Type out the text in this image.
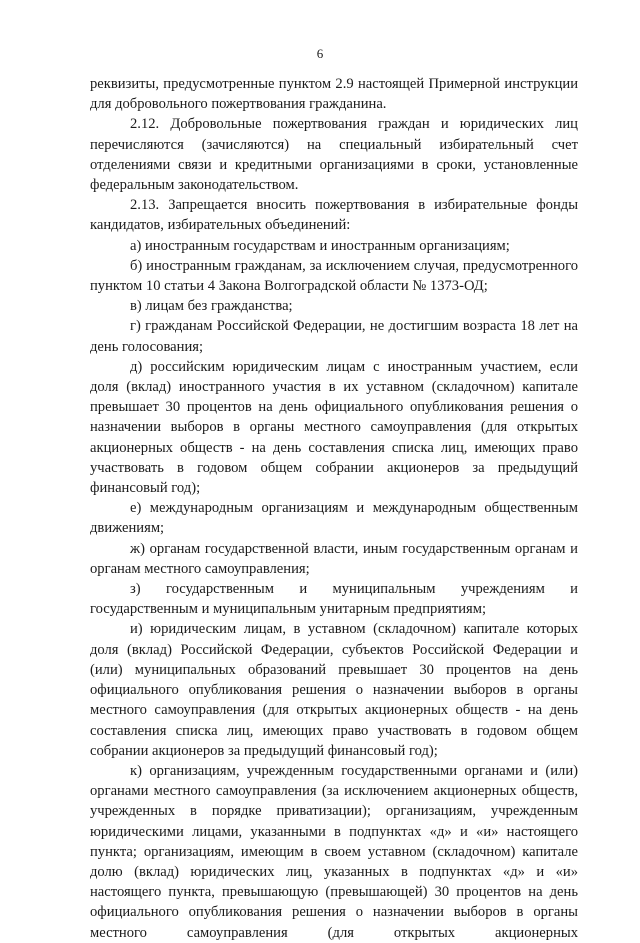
6

реквизиты, предусмотренные пунктом 2.9 настоящей Примерной инструкции для добровольного пожертвования гражданина.

2.12. Добровольные пожертвования граждан и юридических лиц перечисляются (зачисляются) на специальный избирательный счет отделениями связи и кредитными организациями в сроки, установленные федеральным законодательством.

2.13. Запрещается вносить пожертвования в избирательные фонды кандидатов, избирательных объединений:

а) иностранным государствам и иностранным организациям;

б) иностранным гражданам, за исключением случая, предусмотренного пунктом 10 статьи 4 Закона Волгоградской области № 1373-ОД;

в) лицам без гражданства;

г) гражданам Российской Федерации, не достигшим возраста 18 лет на день голосования;

д) российским юридическим лицам с иностранным участием, если доля (вклад) иностранного участия в их уставном (складочном) капитале превышает 30 процентов на день официального опубликования решения о назначении выборов в органы местного самоуправления (для открытых акционерных обществ - на день составления списка лиц, имеющих право участвовать в годовом общем собрании акционеров за предыдущий финансовый год);

е) международным организациям и международным общественным движениям;

ж) органам государственной власти, иным государственным органам и органам местного самоуправления;

з) государственным и муниципальным учреждениям и государственным и муниципальным унитарным предприятиям;

и) юридическим лицам, в уставном (складочном) капитале которых доля (вклад) Российской Федерации, субъектов Российской Федерации и (или) муниципальных образований превышает 30 процентов на день официального опубликования решения о назначении выборов в органы местного самоуправления (для открытых акционерных обществ - на день составления списка лиц, имеющих право участвовать в годовом общем собрании акционеров за предыдущий финансовый год);

к) организациям, учрежденным государственными органами и (или) органами местного самоуправления (за исключением акционерных обществ, учрежденных в порядке приватизации); организациям, учрежденным юридическими лицами, указанными в подпунктах «д» и «и» настоящего пункта; организациям, имеющим в своем уставном (складочном) капитале долю (вклад) юридических лиц, указанных в подпунктах «д» и «и» настоящего пункта, превышающую (превышающей) 30 процентов на день официального опубликования решения о назначении выборов в органы местного самоуправления (для открытых акционерных
